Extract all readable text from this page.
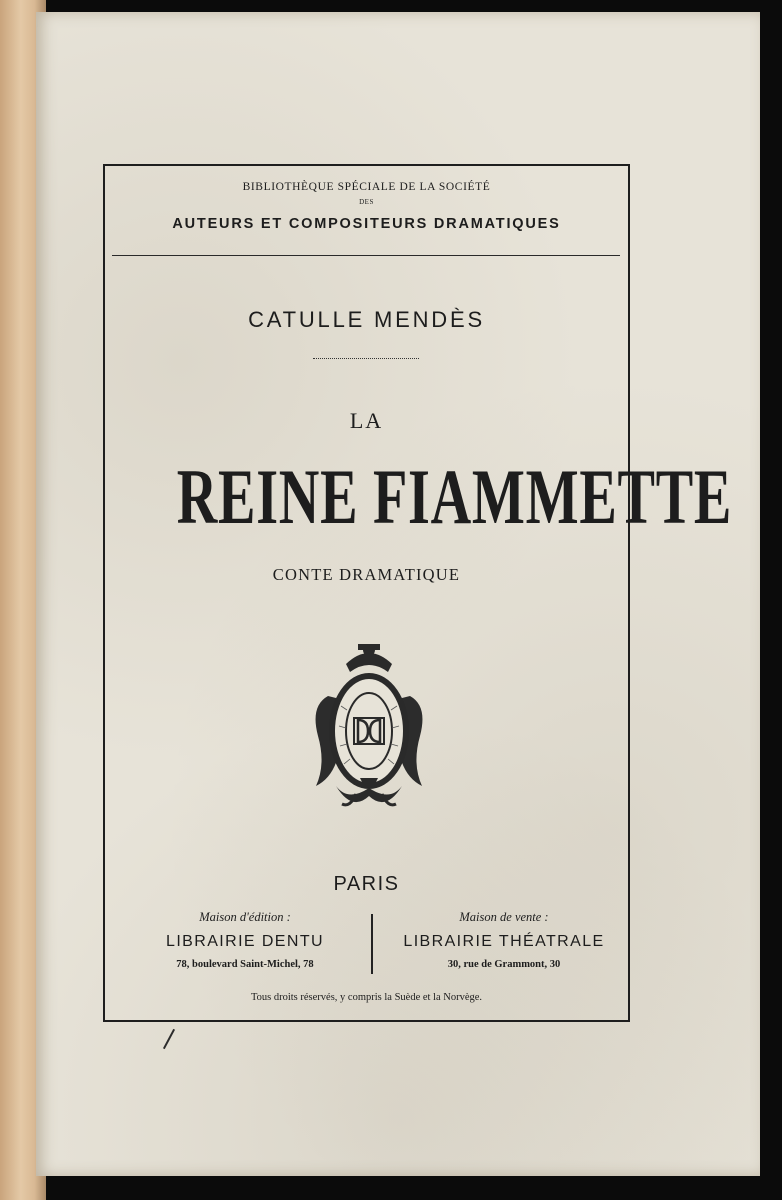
BIBLIOTHÈQUE SPÉCIALE DE LA SOCIÉTÉ
DES
AUTEURS ET COMPOSITEURS DRAMATIQUES
CATULLE MENDÈS
LA
REINE FIAMMETTE
CONTE DRAMATIQUE
PARIS
Maison d'édition :
LIBRAIRIE DENTU
78, boulevard Saint-Michel, 78
Maison de vente :
LIBRAIRIE THÉATRALE
30, rue de Grammont, 30
Tous droits réservés, y compris la Suède et la Norvège.
